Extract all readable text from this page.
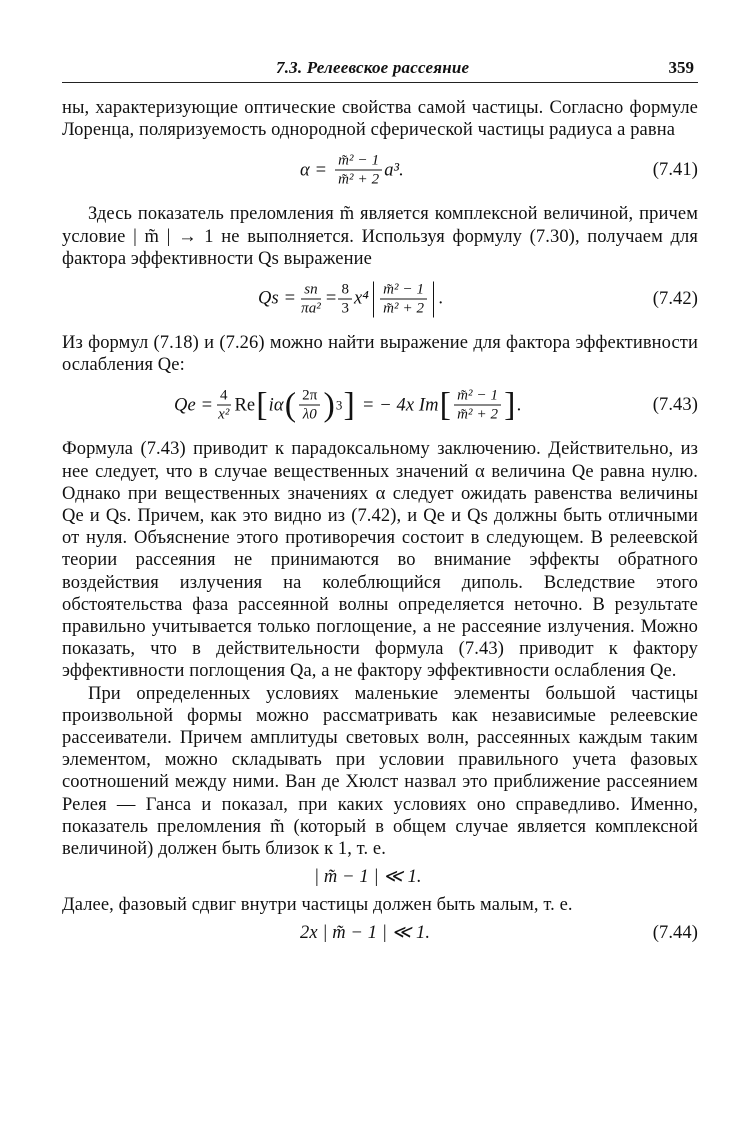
7.3. Релеевское рассеяние	359

ны, характеризующие оптические свойства самой частицы. Согласно формуле Лоренца, поляризуемость однородной сферической частицы радиуса a равна

$\alpha = \frac{\text{m̃² − 1}}{\text{m̃² + 2}} a^3$.	(7.41)

Здесь показатель преломления m̃ является комплексной величиной, причем условие | m̃ | → 1 не выполняется. Используя формулу (7.30), получаем для фактора эффективности Qs выражение

$Qs = \frac{sn}{\text{πa²}} = \frac{8}{3} x^4 \frac{\text{m̃² − 1}}{\text{m̃² + 2}}$ .	(7.42)

Из формул (7.18) и (7.26) можно найти выражение для фактора эффективности ослабления Qe:

$Qe = \frac{4}{\text{x²}}$ Re [ iα ( $\frac{2\pi}{\lambda 0}$ ) 3 ] = − 4x Im [ $\frac{\text{m̃² − 1}}{\text{m̃² + 2}}$ ] .	(7.43)

Формула (7.43) приводит к парадоксальному заключению. Действительно, из нее следует, что в случае вещественных значений α величина Qe равна нулю. Однако при вещественных значениях α следует ожидать равенства величины Qe и Qs. Причем, как это видно из (7.42), и Qe и Qs должны быть отличными от нуля. Объяснение этого противоречия состоит в следующем. В релеевской теории рассеяния не принимаются во внимание эффекты обратного воздействия излучения на колеблющийся диполь. Вследствие этого обстоятельства фаза рассеянной волны определяется неточно. В результате правильно учитывается только поглощение, а не рассеяние излучения. Можно показать, что в действительности формула (7.43) приводит к фактору эффективности поглощения Qa, а не фактору эффективности ослабления Qe.

При определенных условиях маленькие элементы большой частицы произвольной формы можно рассматривать как независимые релеевские рассеиватели. Причем амплитуды световых волн, рассеянных каждым таким элементом, можно складывать при условии правильного учета фазовых соотношений между ними. Ван де Хюлст назвал это приближение рассеянием Релея — Ганса и показал, при каких условиях оно справедливо. Именно, показатель преломления m̃ (который в общем случае является комплексной величиной) должен быть близок к 1, т. е.

| m̃ − 1 | ≪ 1.

Далее, фазовый сдвиг внутри частицы должен быть малым, т. е.

2x | m̃ − 1 | ≪ 1.	(7.44)
